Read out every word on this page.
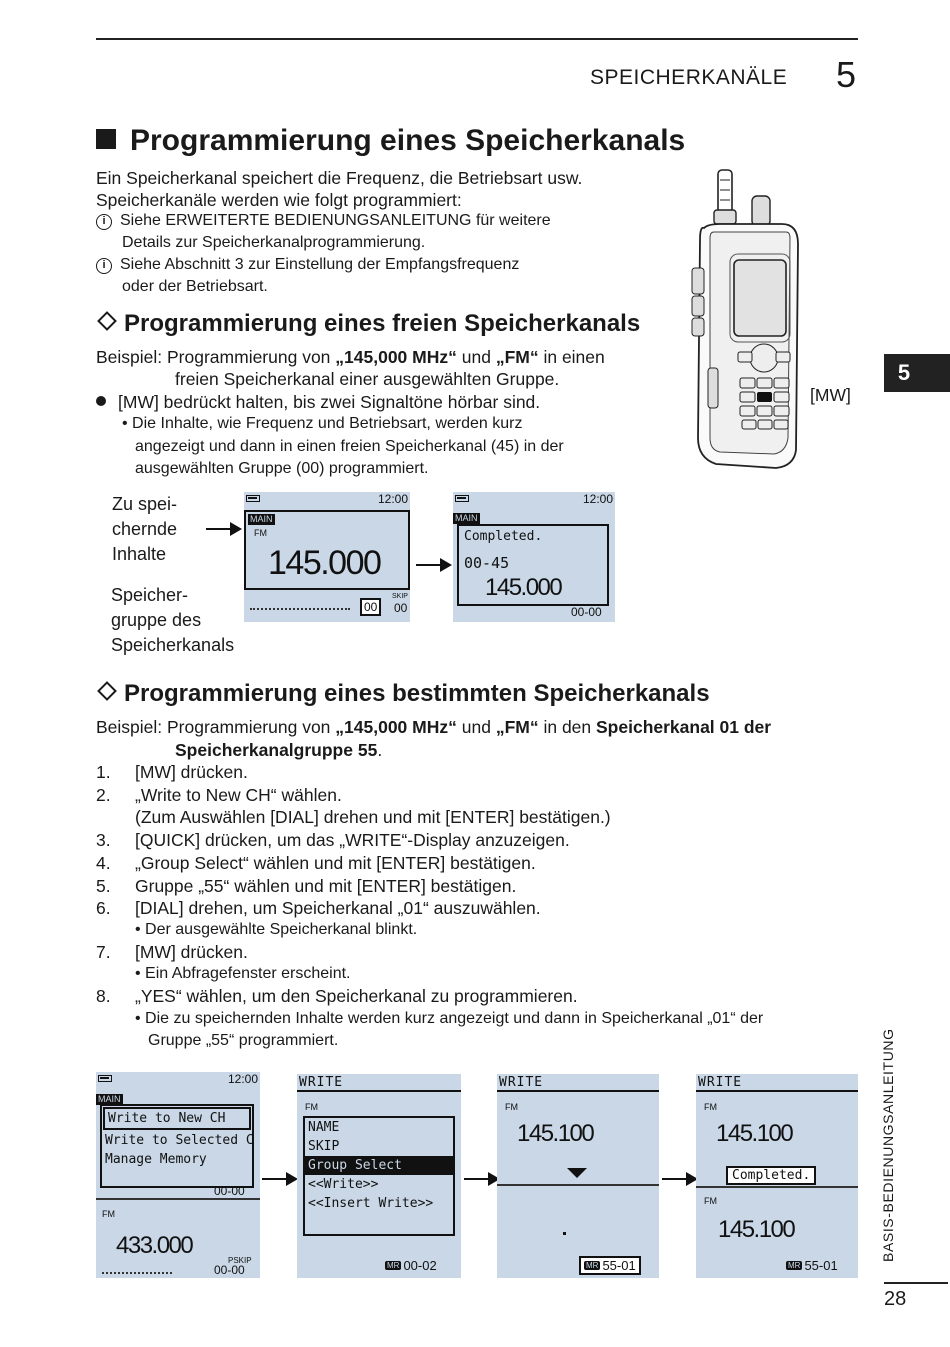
SPEICHERKANÄLE 5
Programmierung eines Speicherkanals
Ein Speicherkanal speichert die Frequenz, die Betriebsart usw.
Speicherkanäle werden wie folgt programmiert:
i Siehe ERWEITERTE BEDIENUNGSANLEITUNG für weitere
Details zur Speicherkanalprogrammierung.
i Siehe Abschnitt 3 zur Einstellung der Empfangsfrequenz
oder der Betriebsart.
[MW]
Programmierung eines freien Speicherkanals
Beispiel: Programmierung von „145,000 MHz“ und „FM“ in einen
freien Speicherkanal einer ausgewählten Gruppe.
[MW] bedrückt halten, bis zwei Signaltöne hörbar sind.
• Die Inhalte, wie Frequenz und Betriebsart, werden kurz
angezeigt und dann in einen freien Speicherkanal (45) in der
ausgewählten Gruppe (00) programmiert.
Zu spei-
chernde
Inhalte
Speicher-
gruppe des
Speicherkanals
12:00
MAIN
FM
145.000
00
SKIP
00
12:00
MAIN
Completed.
00-45
145.000
00-00
Programmierung eines bestimmten Speicherkanals
Beispiel: Programmierung von „145,000 MHz“ und „FM“ in den Speicherkanal 01 der
Speicherkanalgruppe 55.
1. [MW] drücken.
2. „Write to New CH“ wählen.
(Zum Auswählen [DIAL] drehen und mit [ENTER] bestätigen.)
3. [QUICK] drücken, um das „WRITE“-Display anzuzeigen.
4. „Group Select“ wählen und mit [ENTER] bestätigen.
5. Gruppe „55“ wählen und mit [ENTER] bestätigen.
6. [DIAL] drehen, um Speicherkanal „01“ auszuwählen.
• Der ausgewählte Speicherkanal blinkt.
7. [MW] drücken.
• Ein Abfragefenster erscheint.
8. „YES“ wählen, um den Speicherkanal zu programmieren.
• Die zu speichernden Inhalte werden kurz angezeigt und dann in Speicherkanal „01“ der
Gruppe „55“ programmiert.
12:00
MAIN
Write to New CH
Write to Selected C
Manage Memory
00-00
FM
433.000
PSKIP
00-00
WRITE
FM
NAME
SKIP
Group Select
<<Write>>
<<Insert Write>>
MR 00-02
WRITE
FM
145.100
MR 55-01
WRITE
FM
145.100
Completed.
FM
145.100
MR 55-01
5
BASIS-BEDIENUNGSANLEITUNG
28
